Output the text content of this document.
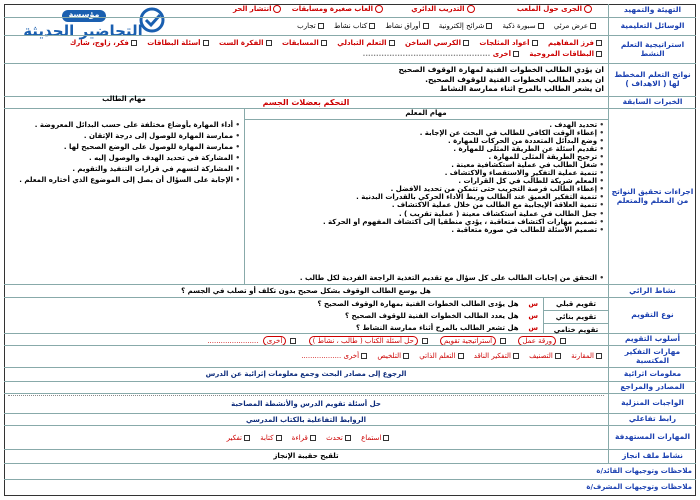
مؤسسة
التحاضير الحديثة
التهيئة والتمهيد
الجرى حول الملعب التدريب الدائري العاب صغيرة ومسابقات انتشار الحر
الوسائل التعليمية
عرض مرئي سبورة ذكية شرائح إلكترونية أوراق نشاط كتاب نشاط تجارب
استراتيجية التعلم النشط
فرز المفاهيم أعواد المثلجات الكرسي الساخن التعلم التبادلي المسابقات الفكرة الست أسئلة البطاقات فكر، زاوج، شارك
البطاقات المروحية أخرى ................................................
نواتج التعلم المخطط لها ( الاهداف )
أن يؤدي الطالب الخطوات الفنية لمهارة الوقوف الصحيح
أن يعدد الطالب الخطوات الفنية للوقوف الصحيح.
أن يشعر الطالب بالمرح أثناء ممارسة النشاط
الخبرات السابقة
التحكم بعضلات الجسم
اجراءات تحقيق النواتج من المعلم والمتعلم
مهام المعلم
مهام الطالب
• تحديد الهدف .
• إعطاء الوقت الكافي للطالب في البحث عن الإجابة .
• وضع البدائل المتعددة من الحركات للمهارة .
• تقديم أسئلة عن الطريقة المثلى للمهارة .
• ترجيح الطريقة المثلى للمهارة .
• شغل الطالب في عملية استكشافية معينة .
• تنمية عملية التفكير والاستقصاء والاكتشاف .
• المعلم شريكة للطالب في كل القرارات .
• إعطاء الطالب فرصة التجريب حتى تتمكن من تحديد الأفضل .
• تنمية التفكير العميق عند الطالب وربط الأداء الحركي بالقدرات البدنية .
• تنمية العلاقة الإيجابية مع الطالب من خلال عملية الاكتشاف .
• جعل الطالب في عملية استكشاف معينة ( عملية تقريب ) .
• تصميم مهارات اكتشاف متعاقبة ، يؤدي منطقيا إلى اكتشاف المفهوم أو الحركة .
• تصميم الأسئلة للطالب في صورة متعاقبة .
• أداء المهارة بأوضاع مختلفة على حسب البدائل المعروضة .
• ممارسة المهارة للوصول إلى درجة الإتقان .
• ممارسة المهارة للوصول على الوضع الصحيح لها .
• المشاركة في تحديد الهدف والوصول إليه .
• المشاركة لتسهم في قرارات التنفيذ والتقويم .
• الإجابة على السؤال أن يصل إلى الموضوع الذي أختاره المعلم .
• التحقق من إجابات الطالب على كل سؤال مع تقديم التغذية الراجعة الفردية لكل طالب .
نشاط الرائي
هل يوسع الطالب الوقوف بشكل صحيح بدون تكلف أو تصلب في الجسم ؟
نوع التقويم
تقويم قبلي
تقويم بنائي
تقويم ختامي
س    هل يؤدى الطالب الخطوات الفنية بمهارة الوقوف الصحيح ؟
س    هل يعدد الطالب الخطوات الفنية للوقوف الصحيح ؟
س    هل تشعر الطالب بالمرح أثناء ممارسة النشاط ؟
أسلوب التقويم
ورقة عمل استراتيجية تقويم حل أسئلة الكتاب ( طالب ، نشاط ) أخرى .......................
مهارات التفكير المكتسبة
المقارنة التصنيف التفكير الناقد التعلم الذاتي التلخيص أخرى ..................
معلومات اثرائية
الرجوع إلى مصادر البحث وجمع معلومات إثرائية عن الدرس
المصادر والمراجع
الواجبات المنزلية
حل أسئلة تقويم الدرس والأنشطة المصاحبة
رابط تفاعلي
الروابط التفاعلية بالكتاب المدرسي
المهارات المستهدفة
استماع تحدث قراءة كتابة تفكير
نشاط ملف انجاز
تلقيح حقيبة الإنجاز
ملاحظات وتوجيهات القائد/ة
ملاحظات وتوجيهات المشرف/ة
